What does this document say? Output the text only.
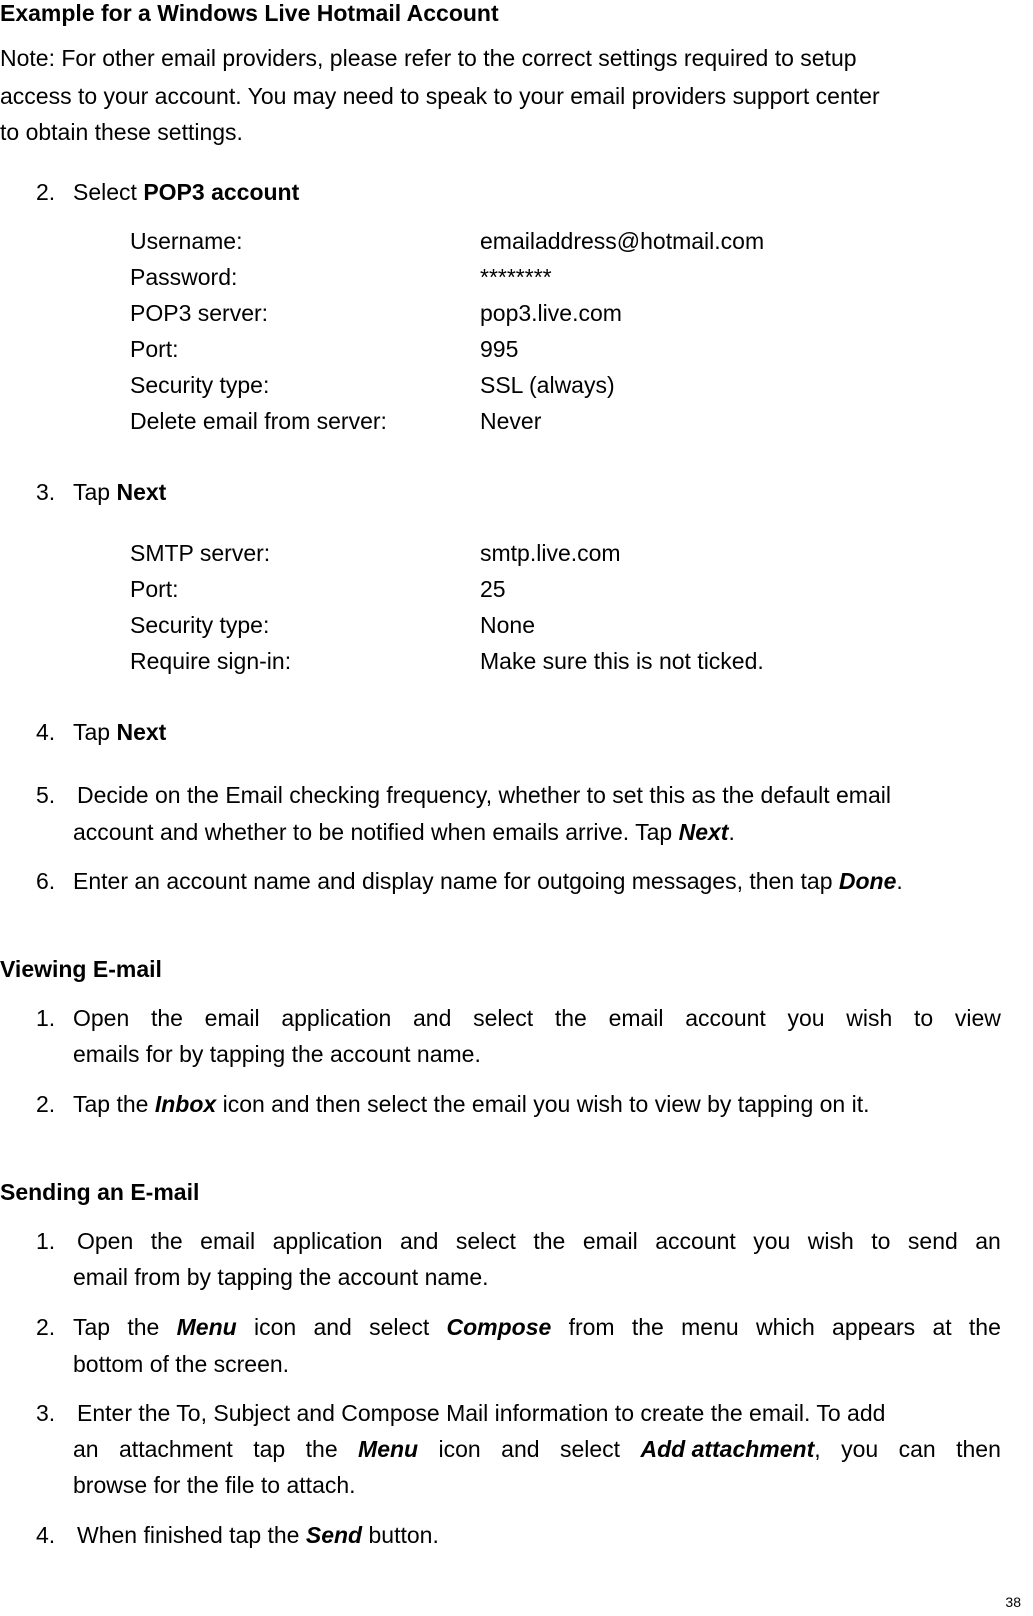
Example for a Windows Live Hotmail Account
Note: For other email providers, please refer to the correct settings required to setup
access to your account. You may need to speak to your email providers support center
to obtain these settings.
2. Select POP3 account
Username:	emailaddress@hotmail.com
Password:	********
POP3 server:	pop3.live.com
Port:	995
Security type:	SSL (always)
Delete email from server:	Never
3. Tap Next
SMTP server:	smtp.live.com
Port:	25
Security type:	None
Require sign-in:	Make sure this is not ticked.
4. Tap Next
5. Decide on the Email checking frequency, whether to set this as the default email
account and whether to be notified when emails arrive. Tap Next.
6. Enter an account name and display name for outgoing messages, then tap Done.
Viewing E-mail
1. Open the email application and select the email account you wish to view
emails for by tapping the account name.
2. Tap the Inbox icon and then select the email you wish to view by tapping on it.
Sending an E-mail
1. Open the email application and select the email account you wish to send an
email from by tapping the account name.
2. Tap the Menu icon and select Compose from the menu which appears at the
bottom of the screen.
3. Enter the To, Subject and Compose Mail information to create the email. To add
an attachment tap the Menu icon and select Add attachment, you can then
browse for the file to attach.
4. When finished tap the Send button.
38
